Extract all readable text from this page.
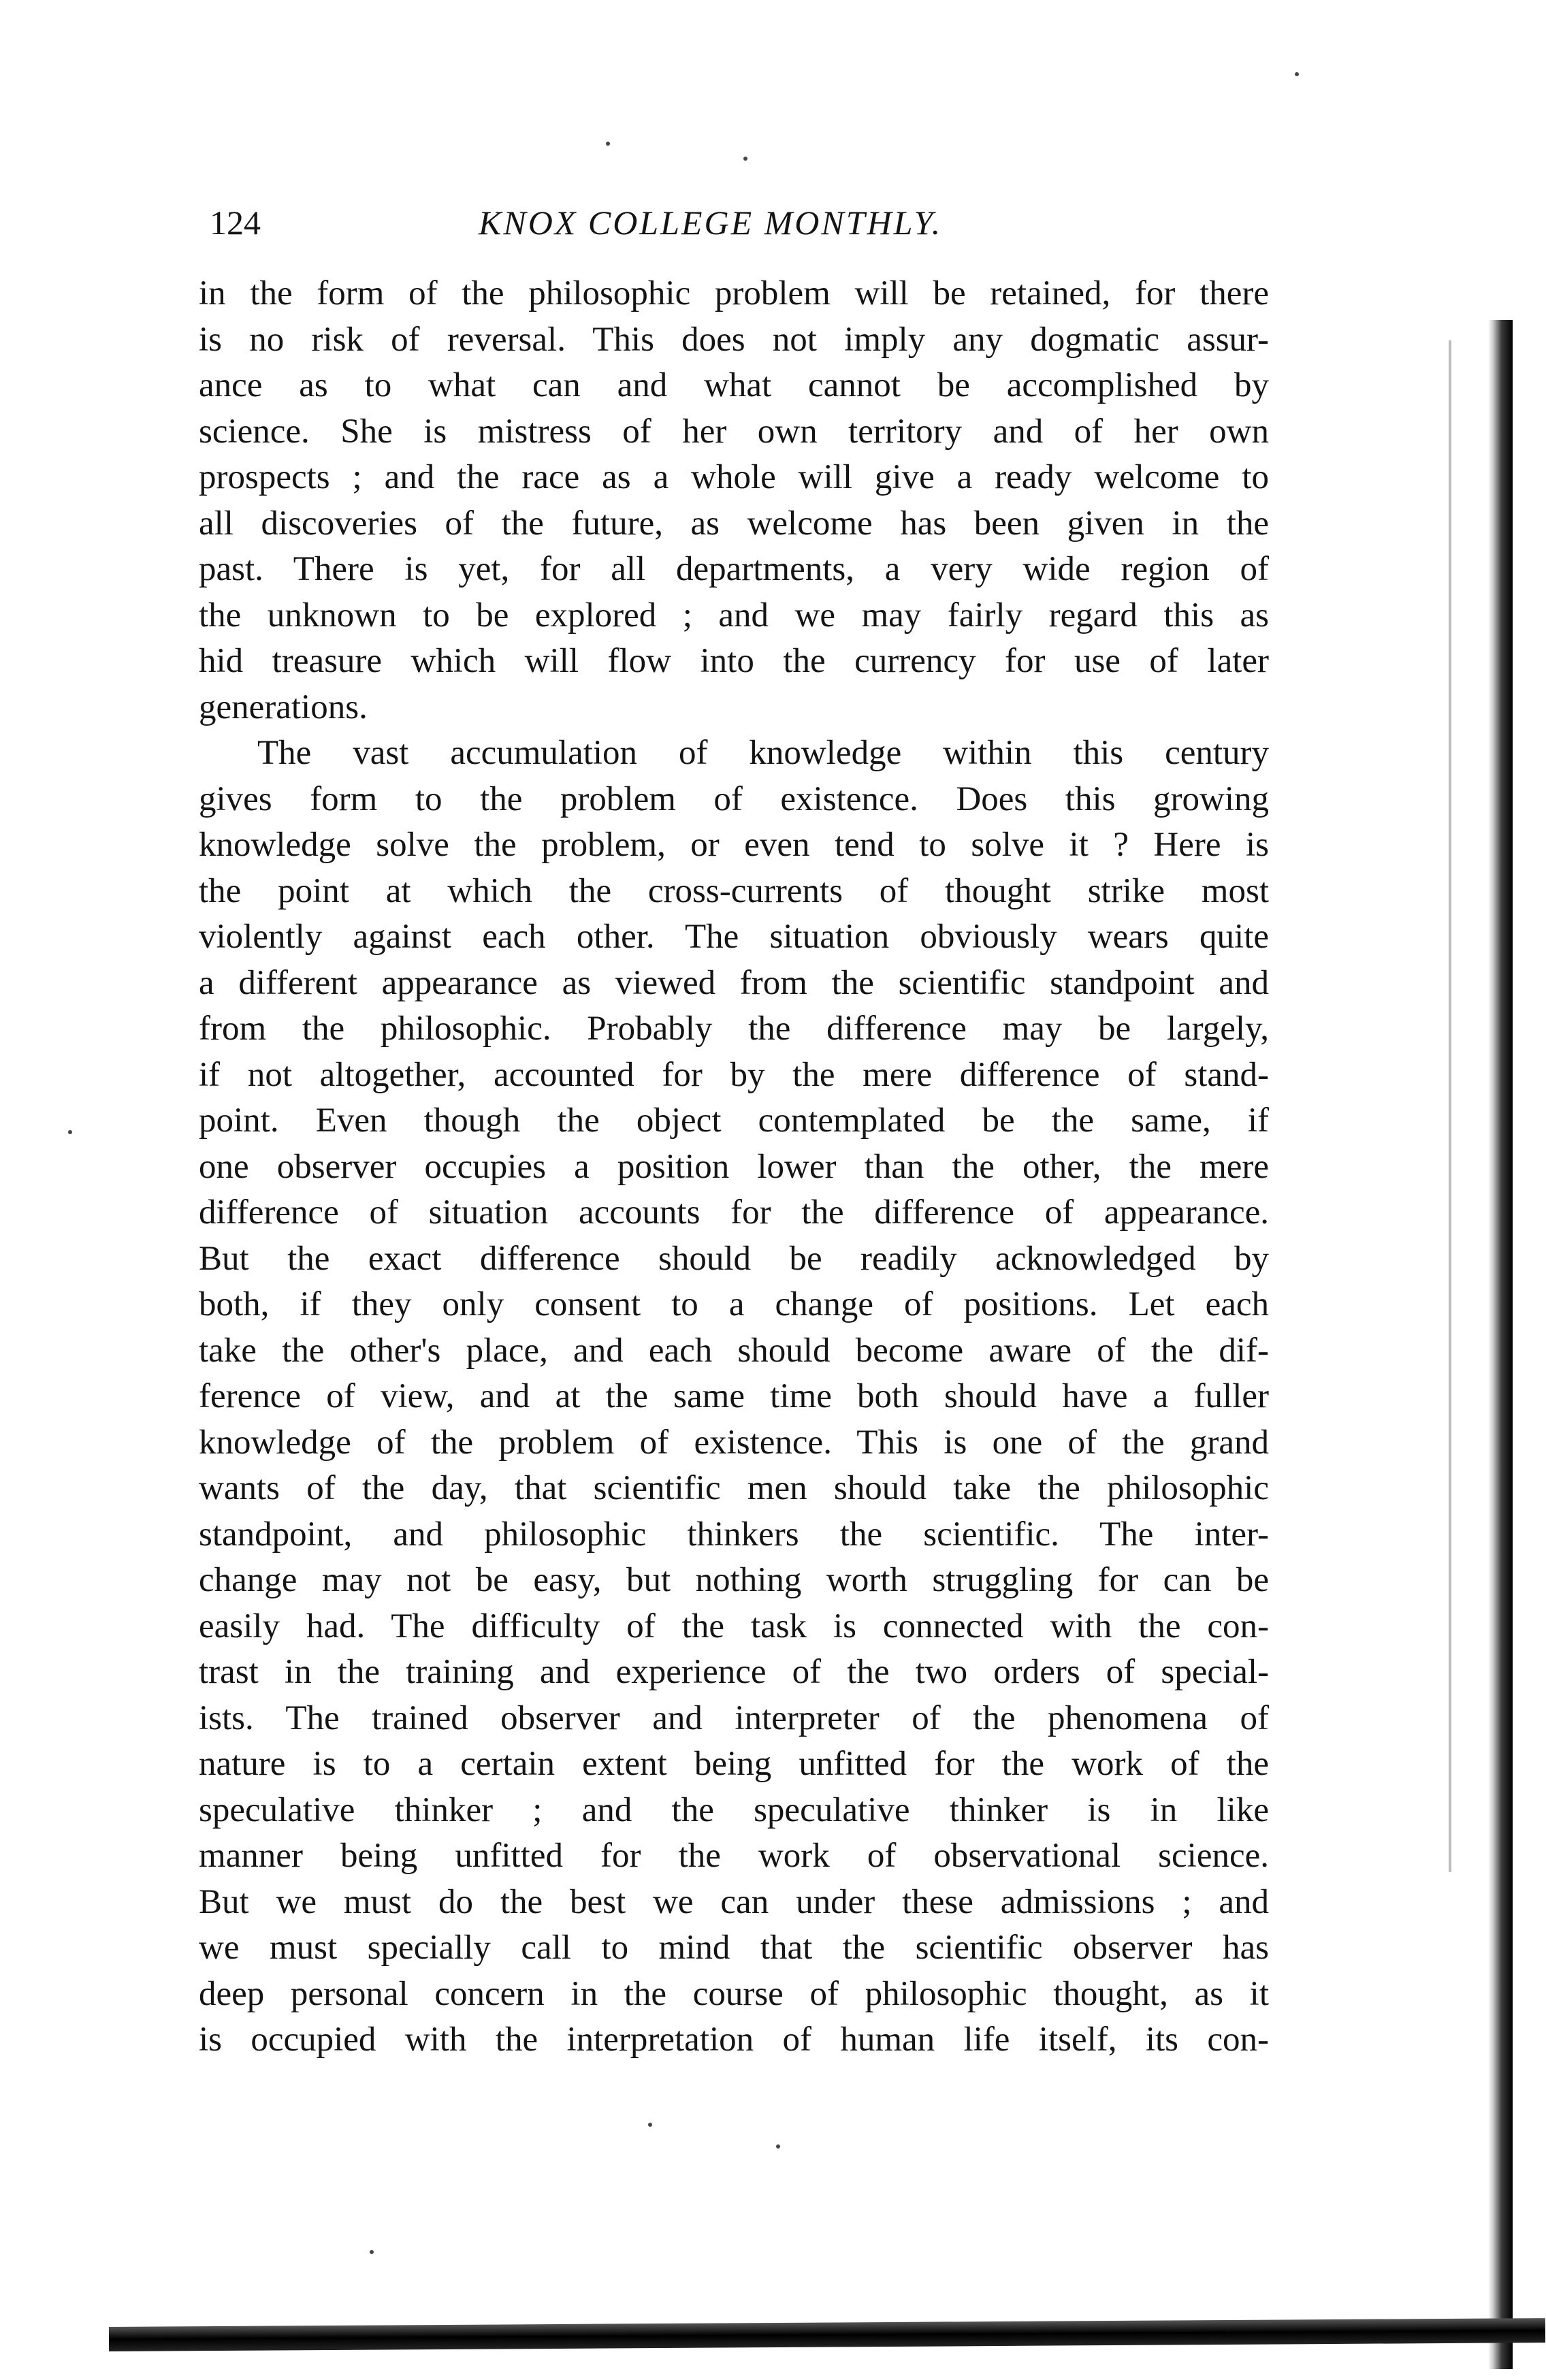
124	KNOX COLLEGE MONTHLY.
in the form of the philosophic problem will be retained, for there
is no risk of reversal. This does not imply any dogmatic assur-
ance as to what can and what cannot be accomplished by
science. She is mistress of her own territory and of her own
prospects ; and the race as a whole will give a ready welcome to
all discoveries of the future, as welcome has been given in the
past. There is yet, for all departments, a very wide region of
the unknown to be explored ; and we may fairly regard this as
hid treasure which will flow into the currency for use of later
generations.
The vast accumulation of knowledge within this century
gives form to the problem of existence. Does this growing
knowledge solve the problem, or even tend to solve it ? Here is
the point at which the cross-currents of thought strike most
violently against each other. The situation obviously wears quite
a different appearance as viewed from the scientific standpoint and
from the philosophic. Probably the difference may be largely,
if not altogether, accounted for by the mere difference of stand-
point. Even though the object contemplated be the same, if
one observer occupies a position lower than the other, the mere
difference of situation accounts for the difference of appearance.
But the exact difference should be readily acknowledged by
both, if they only consent to a change of positions. Let each
take the other's place, and each should become aware of the dif-
ference of view, and at the same time both should have a fuller
knowledge of the problem of existence. This is one of the grand
wants of the day, that scientific men should take the philosophic
standpoint, and philosophic thinkers the scientific. The inter-
change may not be easy, but nothing worth struggling for can be
easily had. The difficulty of the task is connected with the con-
trast in the training and experience of the two orders of special-
ists. The trained observer and interpreter of the phenomena of
nature is to a certain extent being unfitted for the work of the
speculative thinker ; and the speculative thinker is in like
manner being unfitted for the work of observational science.
But we must do the best we can under these admissions ; and
we must specially call to mind that the scientific observer has
deep personal concern in the course of philosophic thought, as it
is occupied with the interpretation of human life itself, its con-
